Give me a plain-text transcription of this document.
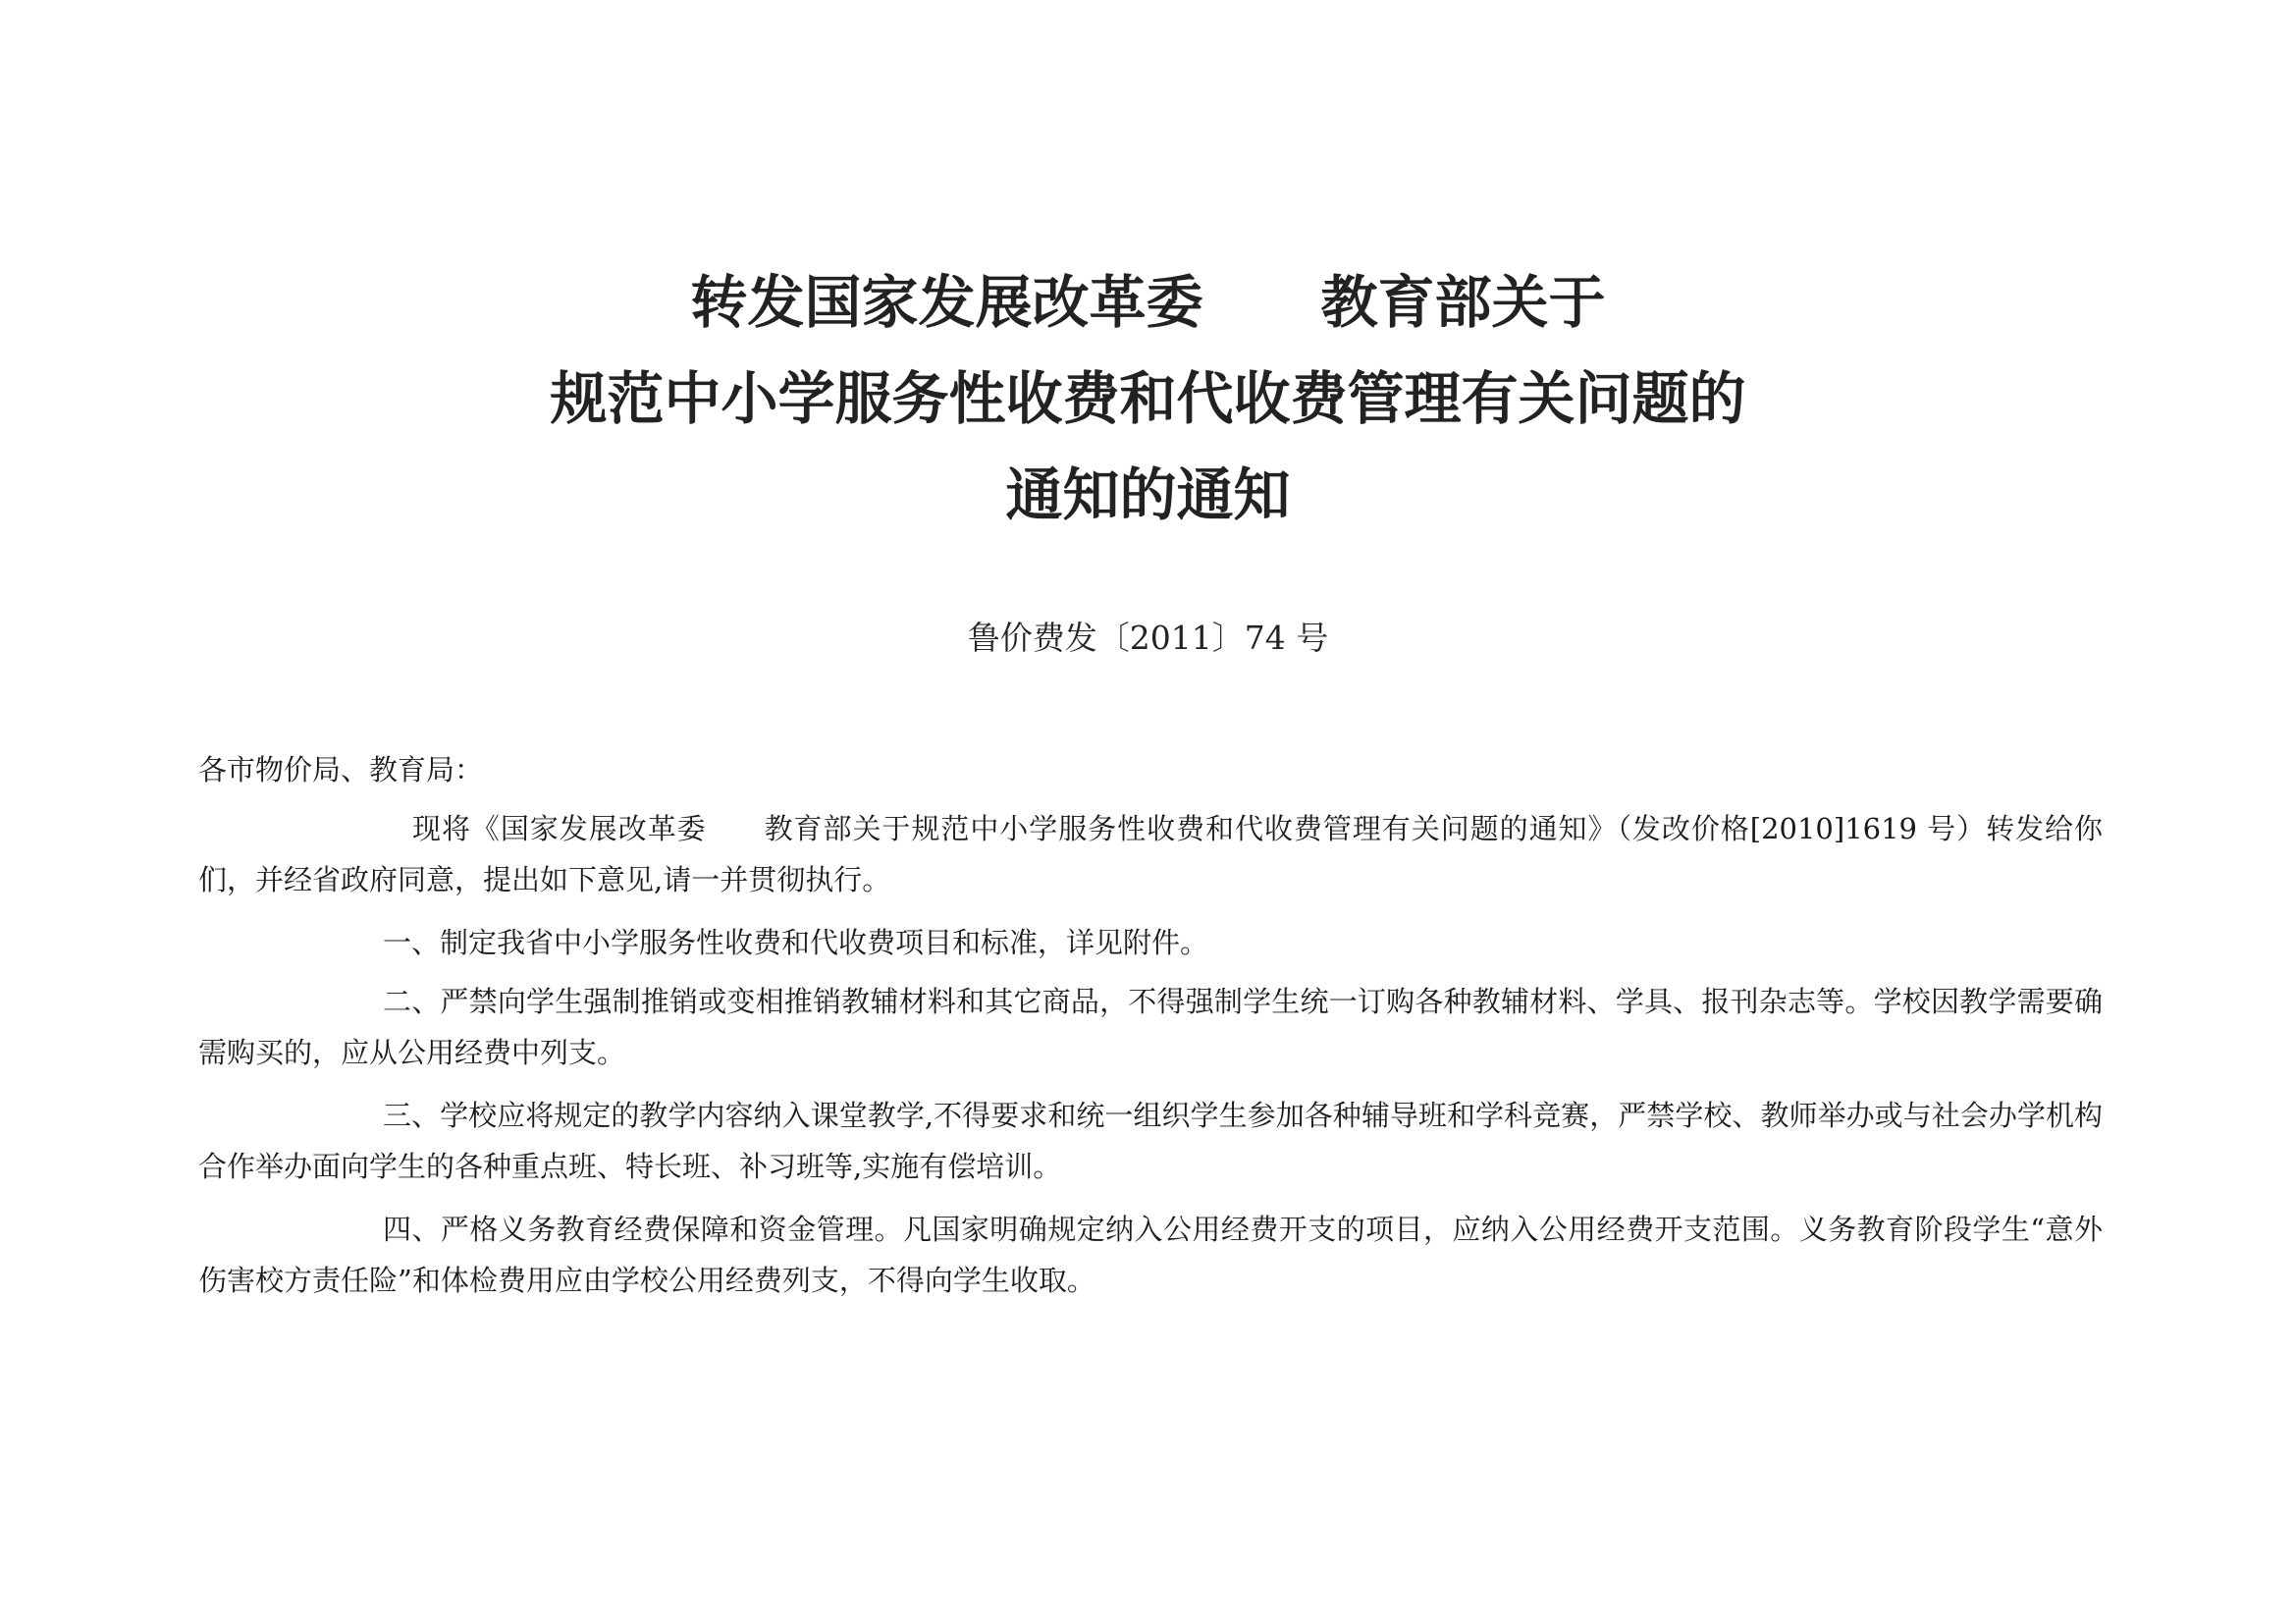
转发国家发展改革委 教育部关于
规范中小学服务性收费和代收费管理有关问题的
通知的通知
鲁价费发〔2011〕74 号
各市物价局、教育局：
现将《国家发展改革委 教育部关于规范中小学服务性收费和代收费管理有关问题的通知》（发改价格[2010]1619 号）转发给你们，并经省政府同意，提出如下意见,请一并贯彻执行。
一、制定我省中小学服务性收费和代收费项目和标准，详见附件。
二、严禁向学生强制推销或变相推销教辅材料和其它商品，不得强制学生统一订购各种教辅材料、学具、报刊杂志等。学校因教学需要确需购买的，应从公用经费中列支。
三、学校应将规定的教学内容纳入课堂教学,不得要求和统一组织学生参加各种辅导班和学科竞赛，严禁学校、教师举办或与社会办学机构合作举办面向学生的各种重点班、特长班、补习班等,实施有偿培训。
四、严格义务教育经费保障和资金管理。凡国家明确规定纳入公用经费开支的项目，应纳入公用经费开支范围。义务教育阶段学生“意外伤害校方责任险”和体检费用应由学校公用经费列支，不得向学生收取。
